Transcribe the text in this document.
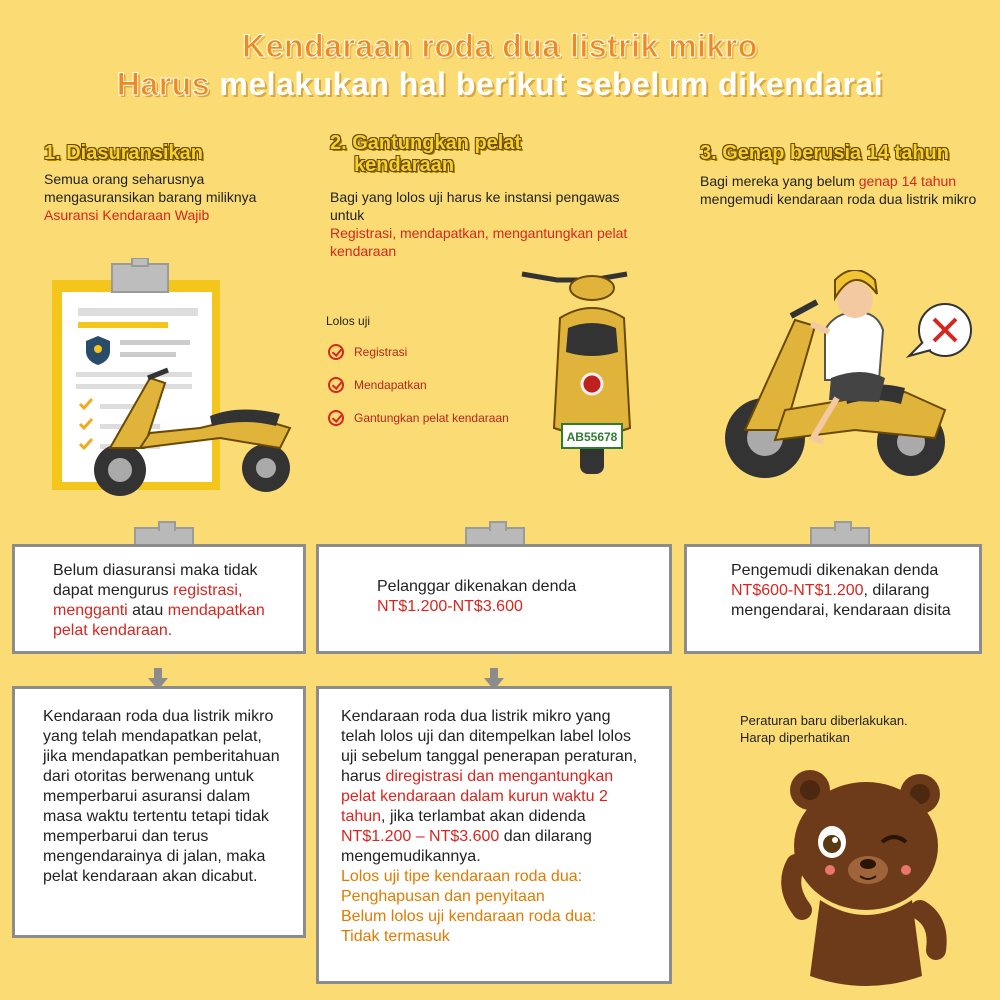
Kendaraan roda dua listrik mikro
Harus melakukan hal berikut sebelum dikendarai
1. Diasuransikan
Semua orang seharusnya mengasuransikan barang miliknya
Asuransi Kendaraan Wajib
2. Gantungkan pelat
kendaraan
Bagi yang lolos uji harus ke instansi pengawas untuk
Registrasi, mendapatkan, mengantungkan pelat kendaraan
3. Genap berusia 14 tahun
Bagi mereka yang belum genap 14 tahun mengemudi kendaraan roda dua listrik mikro
AB55678
Lolos uji
Registrasi
Mendapatkan
Gantungkan pelat kendaraan
Belum diasuransi maka tidak dapat mengurus registrasi,
mengganti atau mendapatkan pelat kendaraan.
Pelanggar dikenakan denda
NT$1.200-NT$3.600
Pengemudi dikenakan denda
NT$600-NT$1.200, dilarang mengendarai, kendaraan disita
Kendaraan roda dua listrik mikro yang telah mendapatkan pelat, jika mendapatkan pemberitahuan dari otoritas berwenang untuk memperbarui asuransi dalam masa waktu tertentu tetapi tidak memperbarui dan terus mengendarainya di jalan, maka pelat kendaraan akan dicabut.
Kendaraan roda dua listrik mikro yang telah lolos uji dan ditempelkan label lolos uji sebelum tanggal penerapan peraturan, harus diregistrasi dan mengantungkan pelat kendaraan dalam kurun waktu 2 tahun, jika terlambat akan didenda NT$1.200 – NT$3.600 dan dilarang mengemudikannya.
Lolos uji tipe kendaraan roda dua:
Penghapusan dan penyitaan
Belum lolos uji kendaraan roda dua:
Tidak termasuk
Peraturan baru diberlakukan.
Harap diperhatikan
